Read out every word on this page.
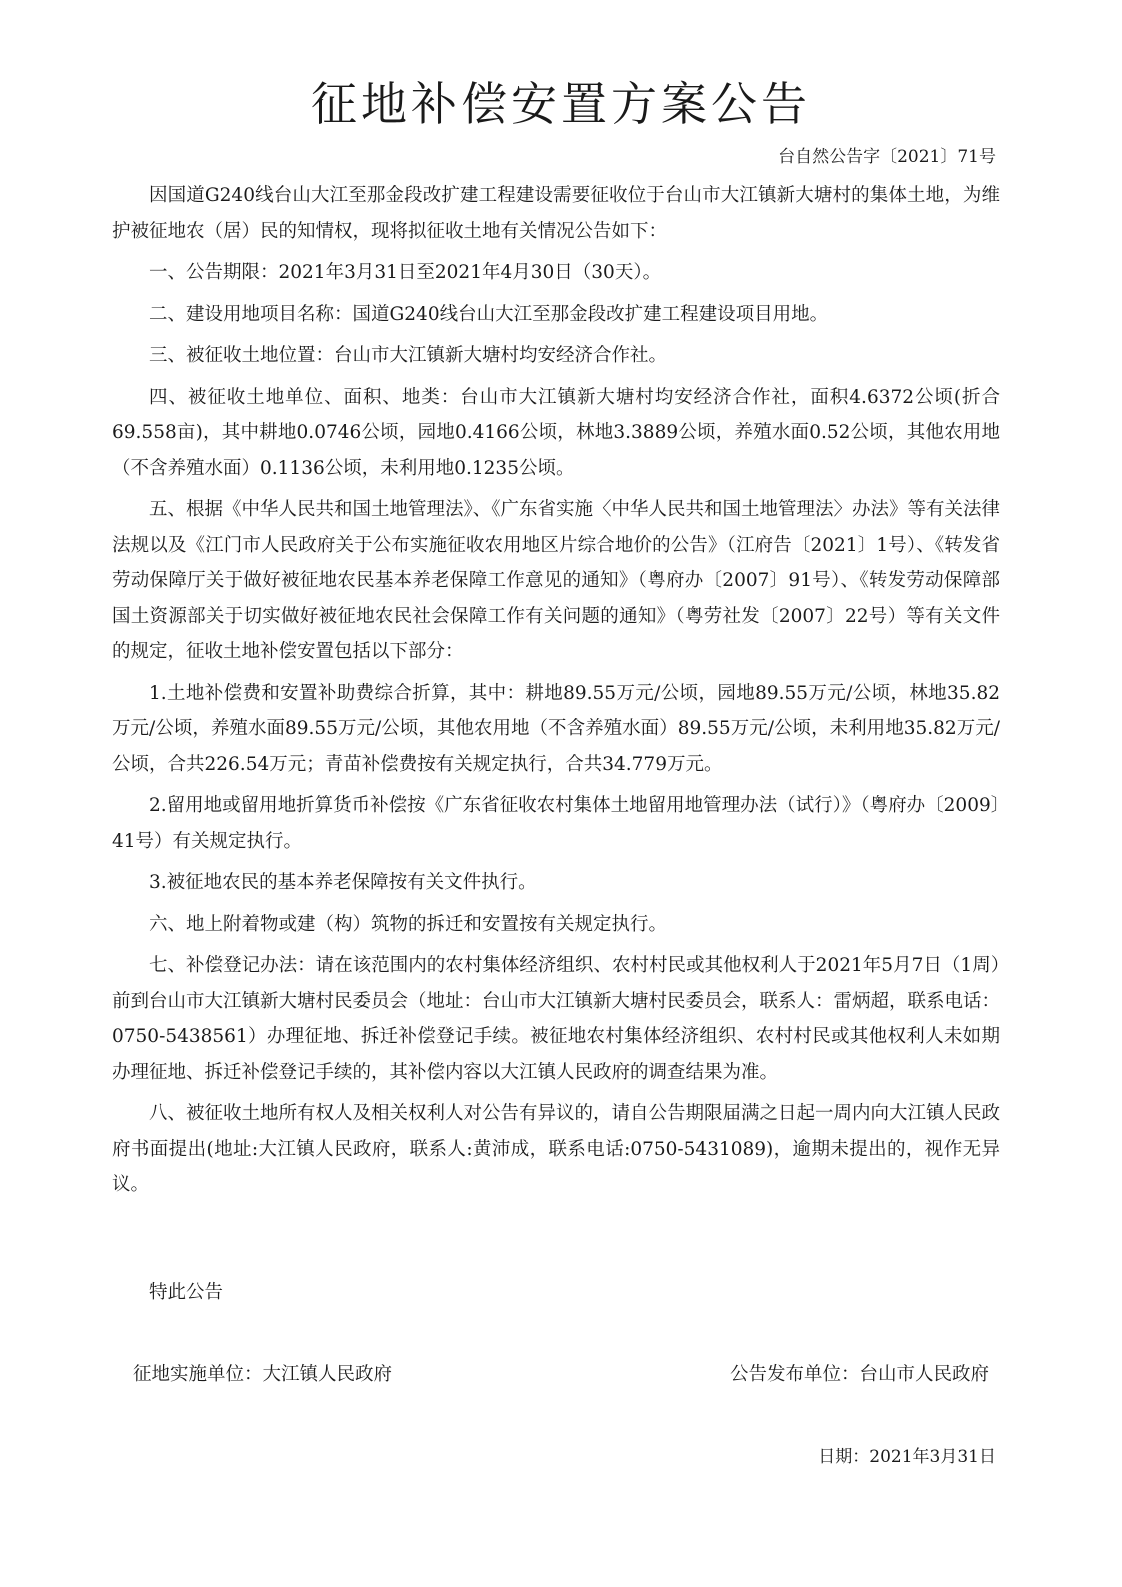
征地补偿安置方案公告
台自然公告字〔2021〕71号

因国道G240线台山大江至那金段改扩建工程建设需要征收位于台山市大江镇新大塘村的集体土地，为维护被征地农（居）民的知情权，现将拟征收土地有关情况公告如下：

一、公告期限：2021年3月31日至2021年4月30日（30天）。

二、建设用地项目名称：国道G240线台山大江至那金段改扩建工程建设项目用地。

三、被征收土地位置：台山市大江镇新大塘村均安经济合作社。

四、被征收土地单位、面积、地类：台山市大江镇新大塘村均安经济合作社，面积4.6372公顷(折合69.558亩)，其中耕地0.0746公顷，园地0.4166公顷，林地3.3889公顷，养殖水面0.52公顷，其他农用地（不含养殖水面）0.1136公顷，未利用地0.1235公顷。

五、根据《中华人民共和国土地管理法》、《广东省实施〈中华人民共和国土地管理法〉办法》等有关法律法规以及《江门市人民政府关于公布实施征收农用地区片综合地价的公告》（江府告〔2021〕1号）、《转发省劳动保障厅关于做好被征地农民基本养老保障工作意见的通知》（粤府办〔2007〕91号）、《转发劳动保障部 国土资源部关于切实做好被征地农民社会保障工作有关问题的通知》（粤劳社发〔2007〕22号）等有关文件的规定，征收土地补偿安置包括以下部分：

1.土地补偿费和安置补助费综合折算，其中：耕地89.55万元/公顷，园地89.55万元/公顷，林地35.82万元/公顷，养殖水面89.55万元/公顷，其他农用地（不含养殖水面）89.55万元/公顷，未利用地35.82万元/公顷，合共226.54万元；青苗补偿费按有关规定执行，合共34.779万元。

2.留用地或留用地折算货币补偿按《广东省征收农村集体土地留用地管理办法（试行）》（粤府办〔2009〕41号）有关规定执行。

3.被征地农民的基本养老保障按有关文件执行。

六、地上附着物或建（构）筑物的拆迁和安置按有关规定执行。

七、补偿登记办法：请在该范围内的农村集体经济组织、农村村民或其他权利人于2021年5月7日（1周）前到台山市大江镇新大塘村民委员会（地址：台山市大江镇新大塘村民委员会，联系人：雷炳超，联系电话：0750-5438561）办理征地、拆迁补偿登记手续。被征地农村集体经济组织、农村村民或其他权利人未如期办理征地、拆迁补偿登记手续的，其补偿内容以大江镇人民政府的调查结果为准。

八、被征收土地所有权人及相关权利人对公告有异议的，请自公告期限届满之日起一周内向大江镇人民政府书面提出(地址:大江镇人民政府，联系人:黄沛成，联系电话:0750-5431089)，逾期未提出的，视作无异议。

特此公告
征地实施单位：大江镇人民政府	公告发布单位：台山市人民政府
日期：2021年3月31日
